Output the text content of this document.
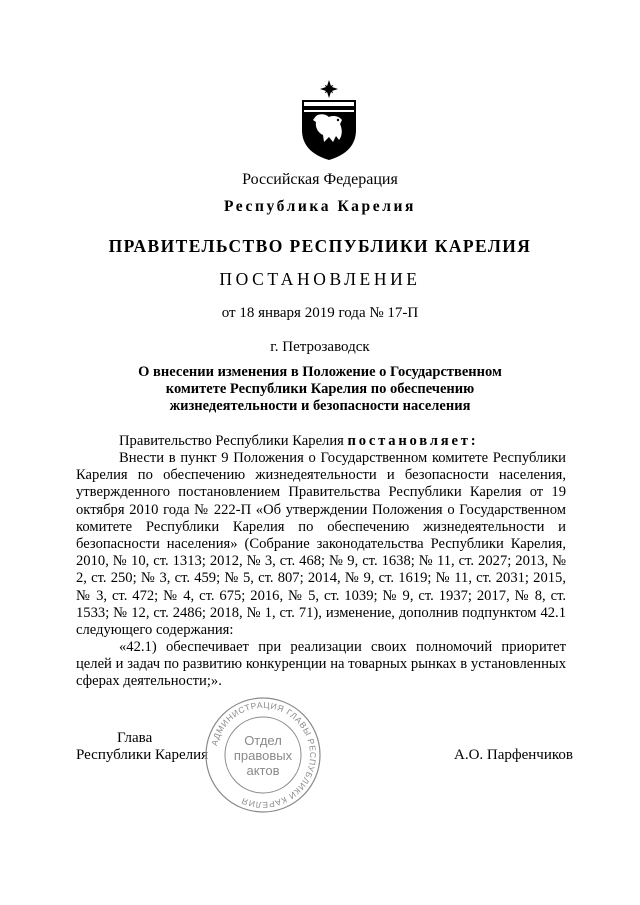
Российская Федерация
Республика Карелия
ПРАВИТЕЛЬСТВО РЕСПУБЛИКИ КАРЕЛИЯ
ПОСТАНОВЛЕНИЕ
от 18 января 2019 года № 17-П
г. Петрозаводск
О внесении изменения в Положение о Государственном
комитете Республики Карелия по обеспечению
жизнедеятельности и безопасности населения
Правительство Республики Карелия постановляет:
Внести в пункт 9 Положения о Государственном комитете Республики Карелия по обеспечению жизнедеятельности и безопасности населения, утвержденного постановлением Правительства Республики Карелия от 19 октября 2010 года № 222-П «Об утверждении Положения о Государственном комитете Республики Карелия по обеспечению жизнедеятельности и безопасности населения» (Собрание законодательства Республики Карелия, 2010, № 10, ст. 1313; 2012, № 3, ст. 468; № 9, ст. 1638; № 11, ст. 2027; 2013, № 2, ст. 250; № 3, ст. 459; № 5, ст. 807; 2014, № 9, ст. 1619; № 11, ст. 2031; 2015, № 3, ст. 472; № 4, ст. 675; 2016, № 5, ст. 1039; № 9, ст. 1937; 2017, № 8, ст. 1533; № 12, ст. 2486; 2018, № 1, ст. 71), изменение, дополнив подпунктом 42.1 следующего содержания:
«42.1) обеспечивает при реализации своих полномочий приоритет целей и задач по развитию конкуренции на товарных рынках в установленных сферах деятельности;».
Глава
Республики Карелия	А.О. Парфенчиков
АДМИНИСТРАЦИЯ ГЛАВЫ РЕСПУБЛИКИ КАРЕЛИЯ
Отдел
правовых
актов
